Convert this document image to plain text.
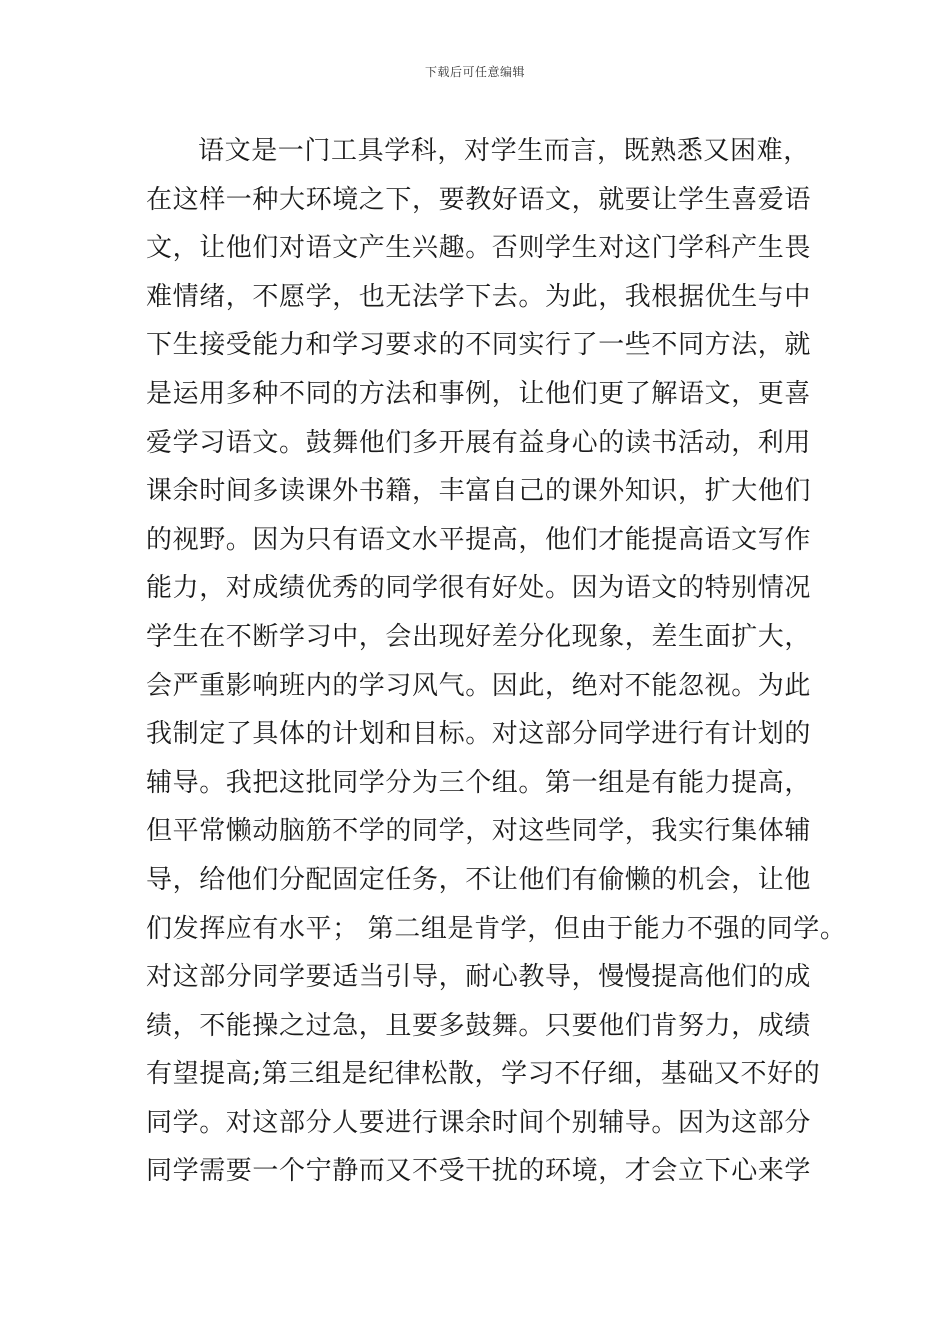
下载后可任意编辑
语文是一门工具学科，对学生而言，既熟悉又困难，
在这样一种大环境之下，要教好语文，就要让学生喜爱语
文，让他们对语文产生兴趣。否则学生对这门学科产生畏
难情绪，不愿学，也无法学下去。为此，我根据优生与中
下生接受能力和学习要求的不同实行了一些不同方法，就
是运用多种不同的方法和事例，让他们更了解语文，更喜
爱学习语文。鼓舞他们多开展有益身心的读书活动，利用
课余时间多读课外书籍，丰富自己的课外知识，扩大他们
的视野。因为只有语文水平提高，他们才能提高语文写作
能力，对成绩优秀的同学很有好处。因为语文的特别情况
学生在不断学习中，会出现好差分化现象，差生面扩大，
会严重影响班内的学习风气。因此，绝对不能忽视。为此
我制定了具体的计划和目标。对这部分同学进行有计划的
辅导。我把这批同学分为三个组。第一组是有能力提高，
但平常懒动脑筋不学的同学，对这些同学，我实行集体辅
导，给他们分配固定任务，不让他们有偷懒的机会，让他
们发挥应有水平； 第二组是肯学，但由于能力不强的同学。
对这部分同学要适当引导，耐心教导，慢慢提高他们的成
绩，不能操之过急，且要多鼓舞。只要他们肯努力，成绩
有望提高;第三组是纪律松散，学习不仔细，基础又不好的
同学。对这部分人要进行课余时间个别辅导。因为这部分
同学需要一个宁静而又不受干扰的环境，才会立下心来学
